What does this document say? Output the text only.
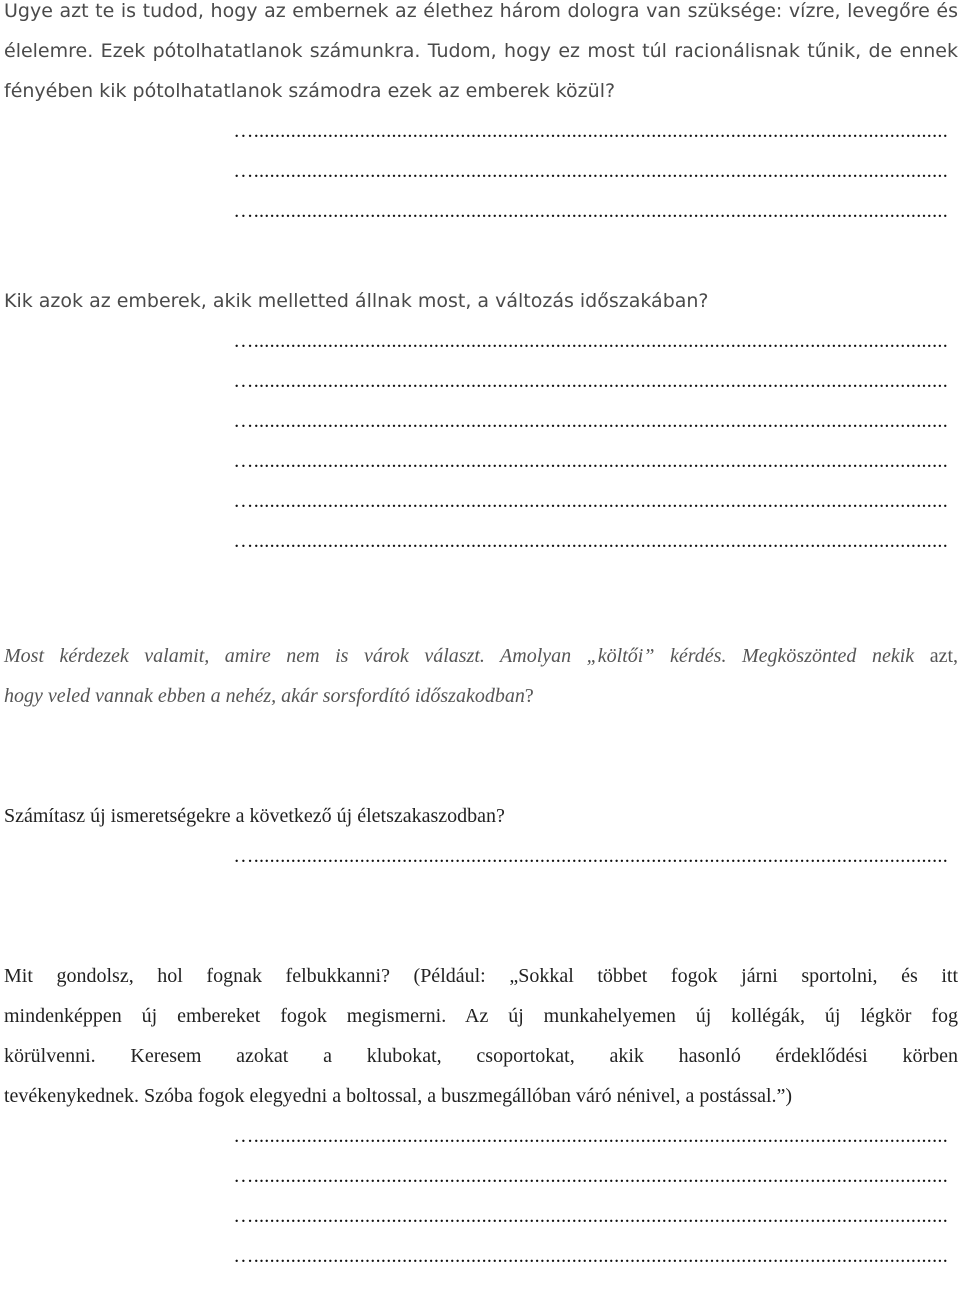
Ugye azt te is tudod, hogy az embernek az élethez három dologra van szüksége: vízre, levegőre és
élelemre. Ezek pótolhatatlanok számunkra. Tudom, hogy ez most túl racionálisnak tűnik, de ennek
fényében kik pótolhatatlanok számodra ezek az emberek közül?

…...................................................................................................................................
…...................................................................................................................................
…...................................................................................................................................

Kik azok az emberek, akik melletted állnak most, a változás időszakában?

…...................................................................................................................................
…...................................................................................................................................
…...................................................................................................................................
…...................................................................................................................................
…...................................................................................................................................
…...................................................................................................................................

Most kérdezek valamit, amire nem is várok választ. Amolyan „költői” kérdés. Megköszönted nekik azt,
hogy veled vannak ebben a nehéz, akár sorsfordító időszakodban?

Számítasz új ismeretségekre a következő új életszakaszodban?

…...................................................................................................................................

Mit gondolsz, hol fognak felbukkanni? (Például: „Sokkal többet fogok járni sportolni, és itt
mindenképpen új embereket fogok megismerni. Az új munkahelyemen új kollégák, új légkör fog
körülvenni. Keresem azokat a klubokat, csoportokat, akik hasonló érdeklődési körben
tevékenykednek. Szóba fogok elegyedni a boltossal, a buszmegállóban váró nénivel, a postással.”)

…...................................................................................................................................
…...................................................................................................................................
…...................................................................................................................................
…...................................................................................................................................
